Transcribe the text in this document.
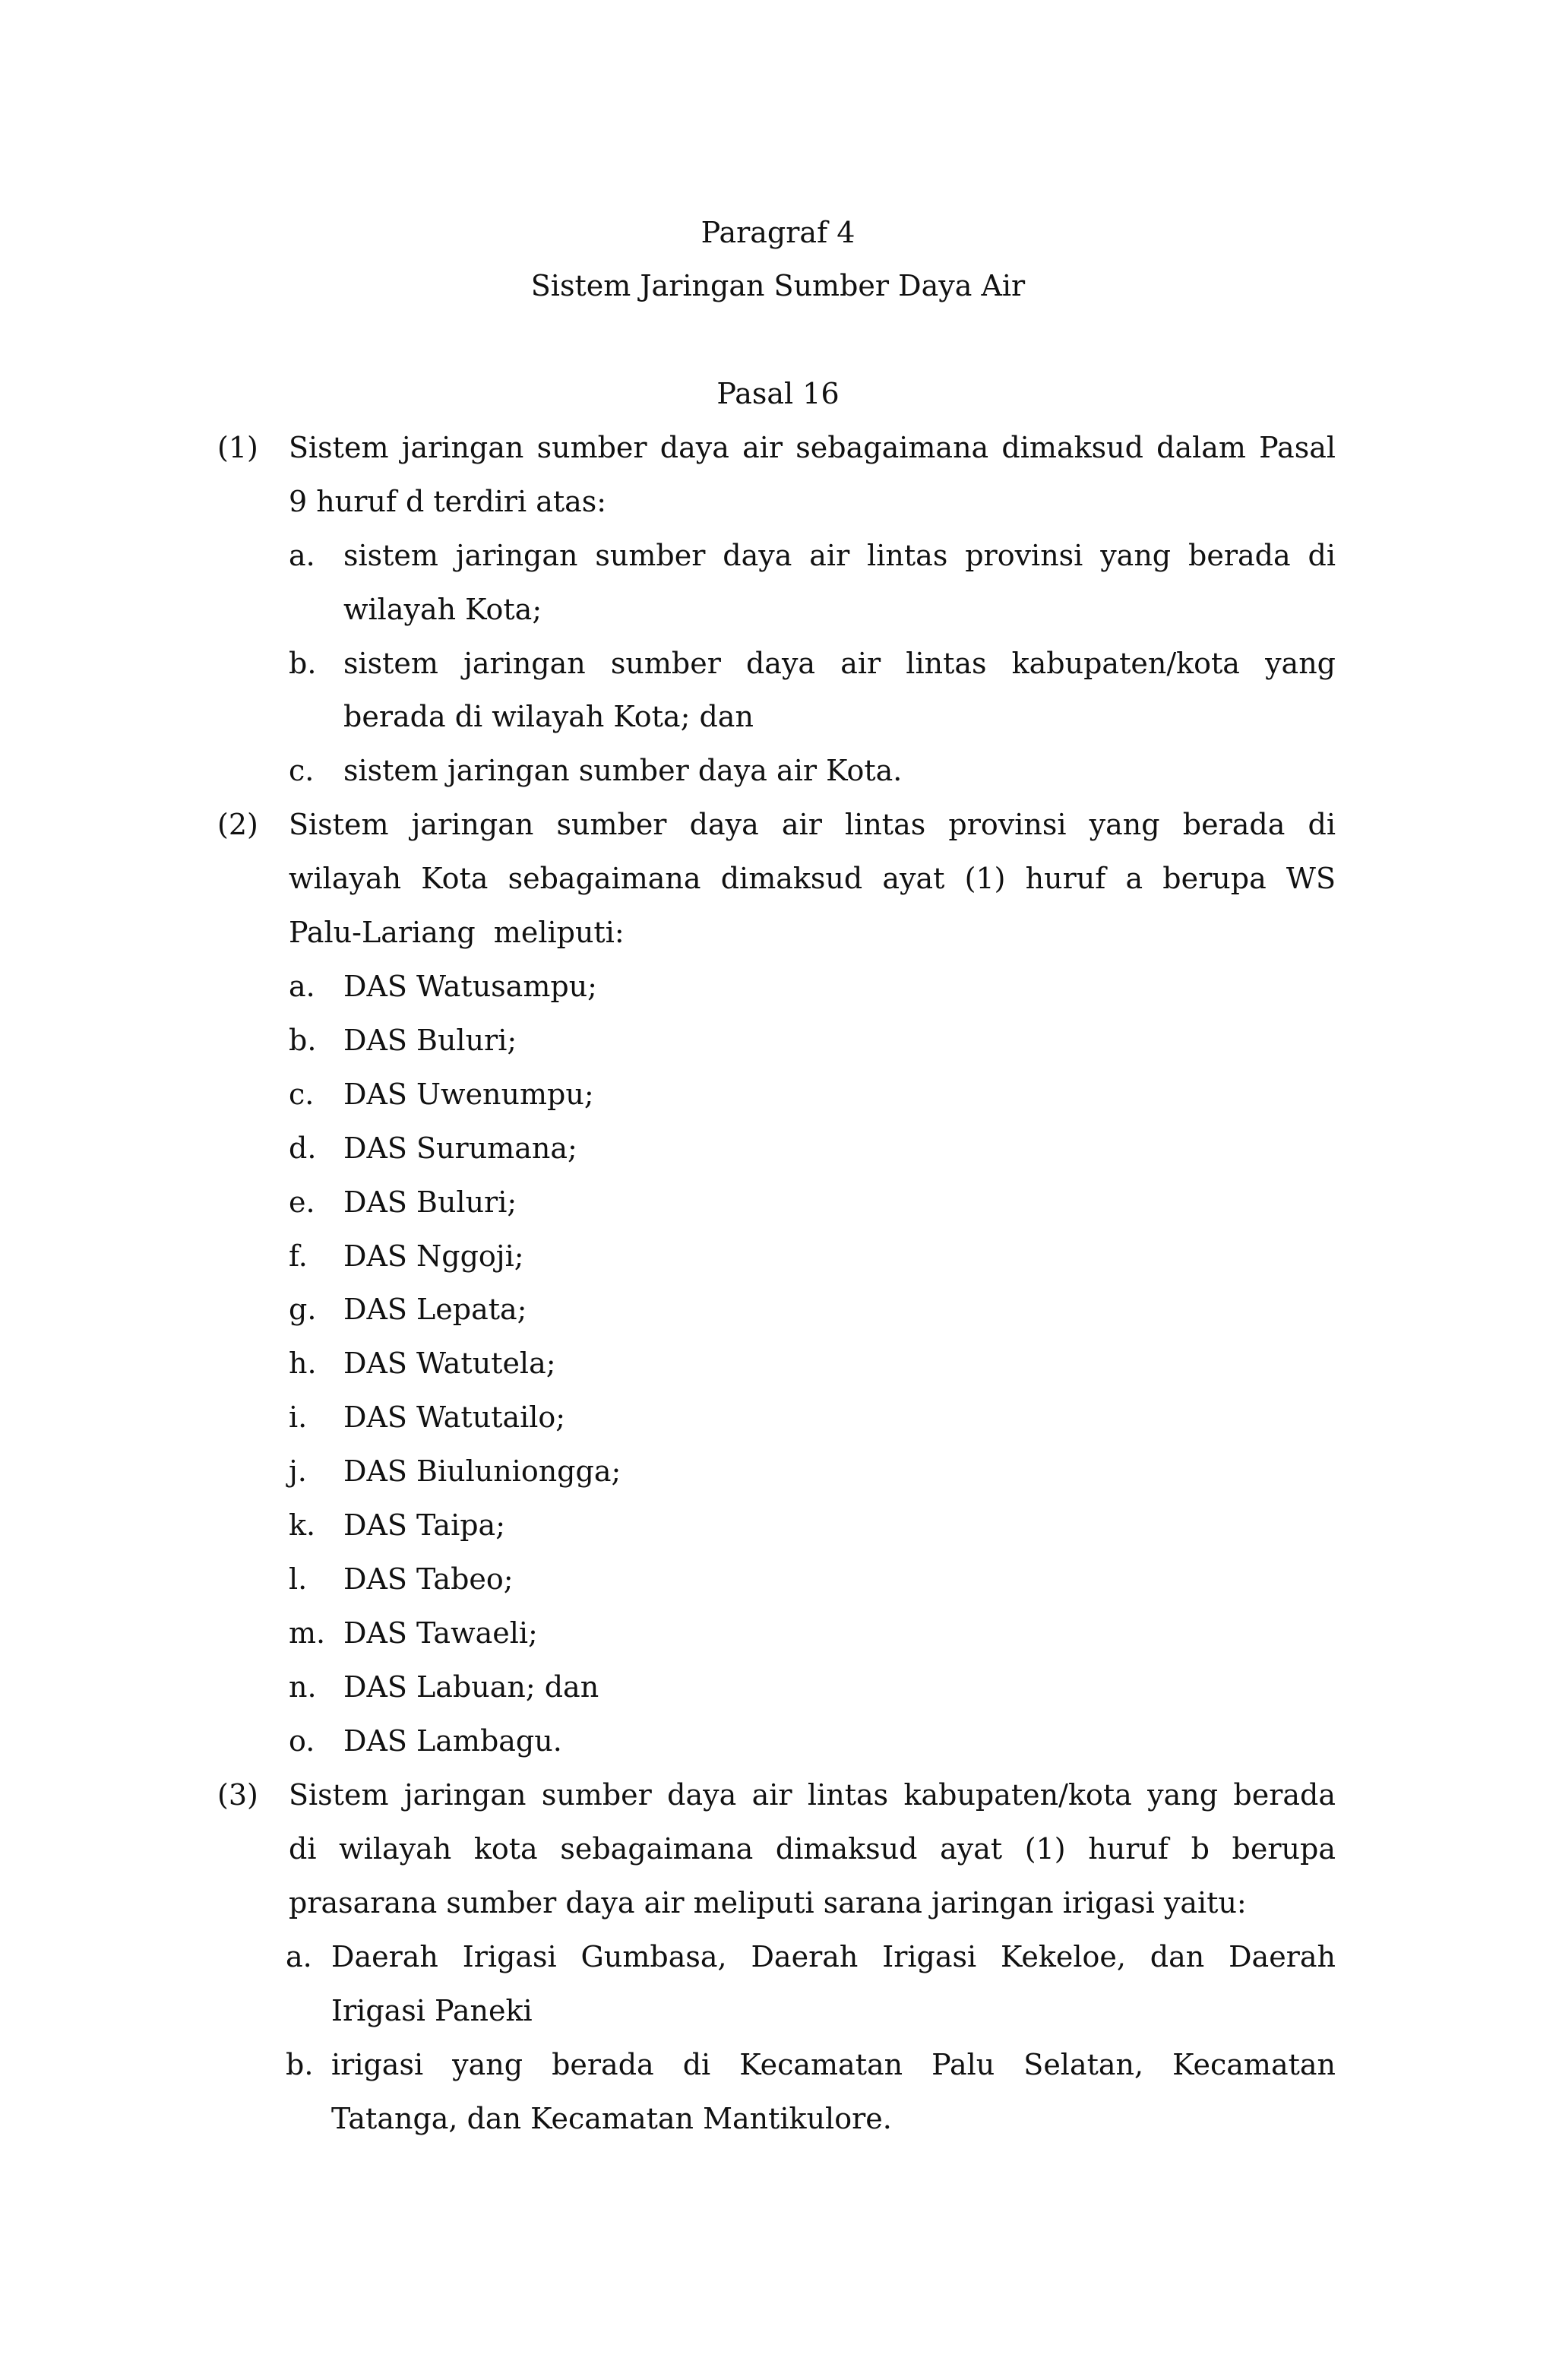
Paragraf 4
Sistem Jaringan Sumber Daya Air
Pasal 16
(1) Sistem jaringan sumber daya air sebagaimana dimaksud dalam Pasal
9 huruf d terdiri atas:
a. sistem jaringan sumber daya air lintas provinsi yang berada di
wilayah Kota;
b. sistem jaringan sumber daya air lintas kabupaten/kota yang
berada di wilayah Kota; dan
c. sistem jaringan sumber daya air Kota.
(2) Sistem jaringan sumber daya air lintas provinsi yang berada di
wilayah Kota sebagaimana dimaksud ayat (1) huruf a berupa WS
Palu-Lariang  meliputi:
a. DAS Watusampu;
b. DAS Buluri;
c. DAS Uwenumpu;
d. DAS Surumana;
e. DAS Buluri;
f. DAS Nggoji;
g. DAS Lepata;
h. DAS Watutela;
i. DAS Watutailo;
j. DAS Biuluniongga;
k. DAS Taipa;
l. DAS Tabeo;
m. DAS Tawaeli;
n. DAS Labuan; dan
o. DAS Lambagu.
(3) Sistem jaringan sumber daya air lintas kabupaten/kota yang berada
di wilayah kota sebagaimana dimaksud ayat (1) huruf b berupa
prasarana sumber daya air meliputi sarana jaringan irigasi yaitu:
a. Daerah Irigasi Gumbasa, Daerah Irigasi Kekeloe, dan Daerah
Irigasi Paneki
b. irigasi yang berada di Kecamatan Palu Selatan, Kecamatan
Tatanga, dan Kecamatan Mantikulore.
